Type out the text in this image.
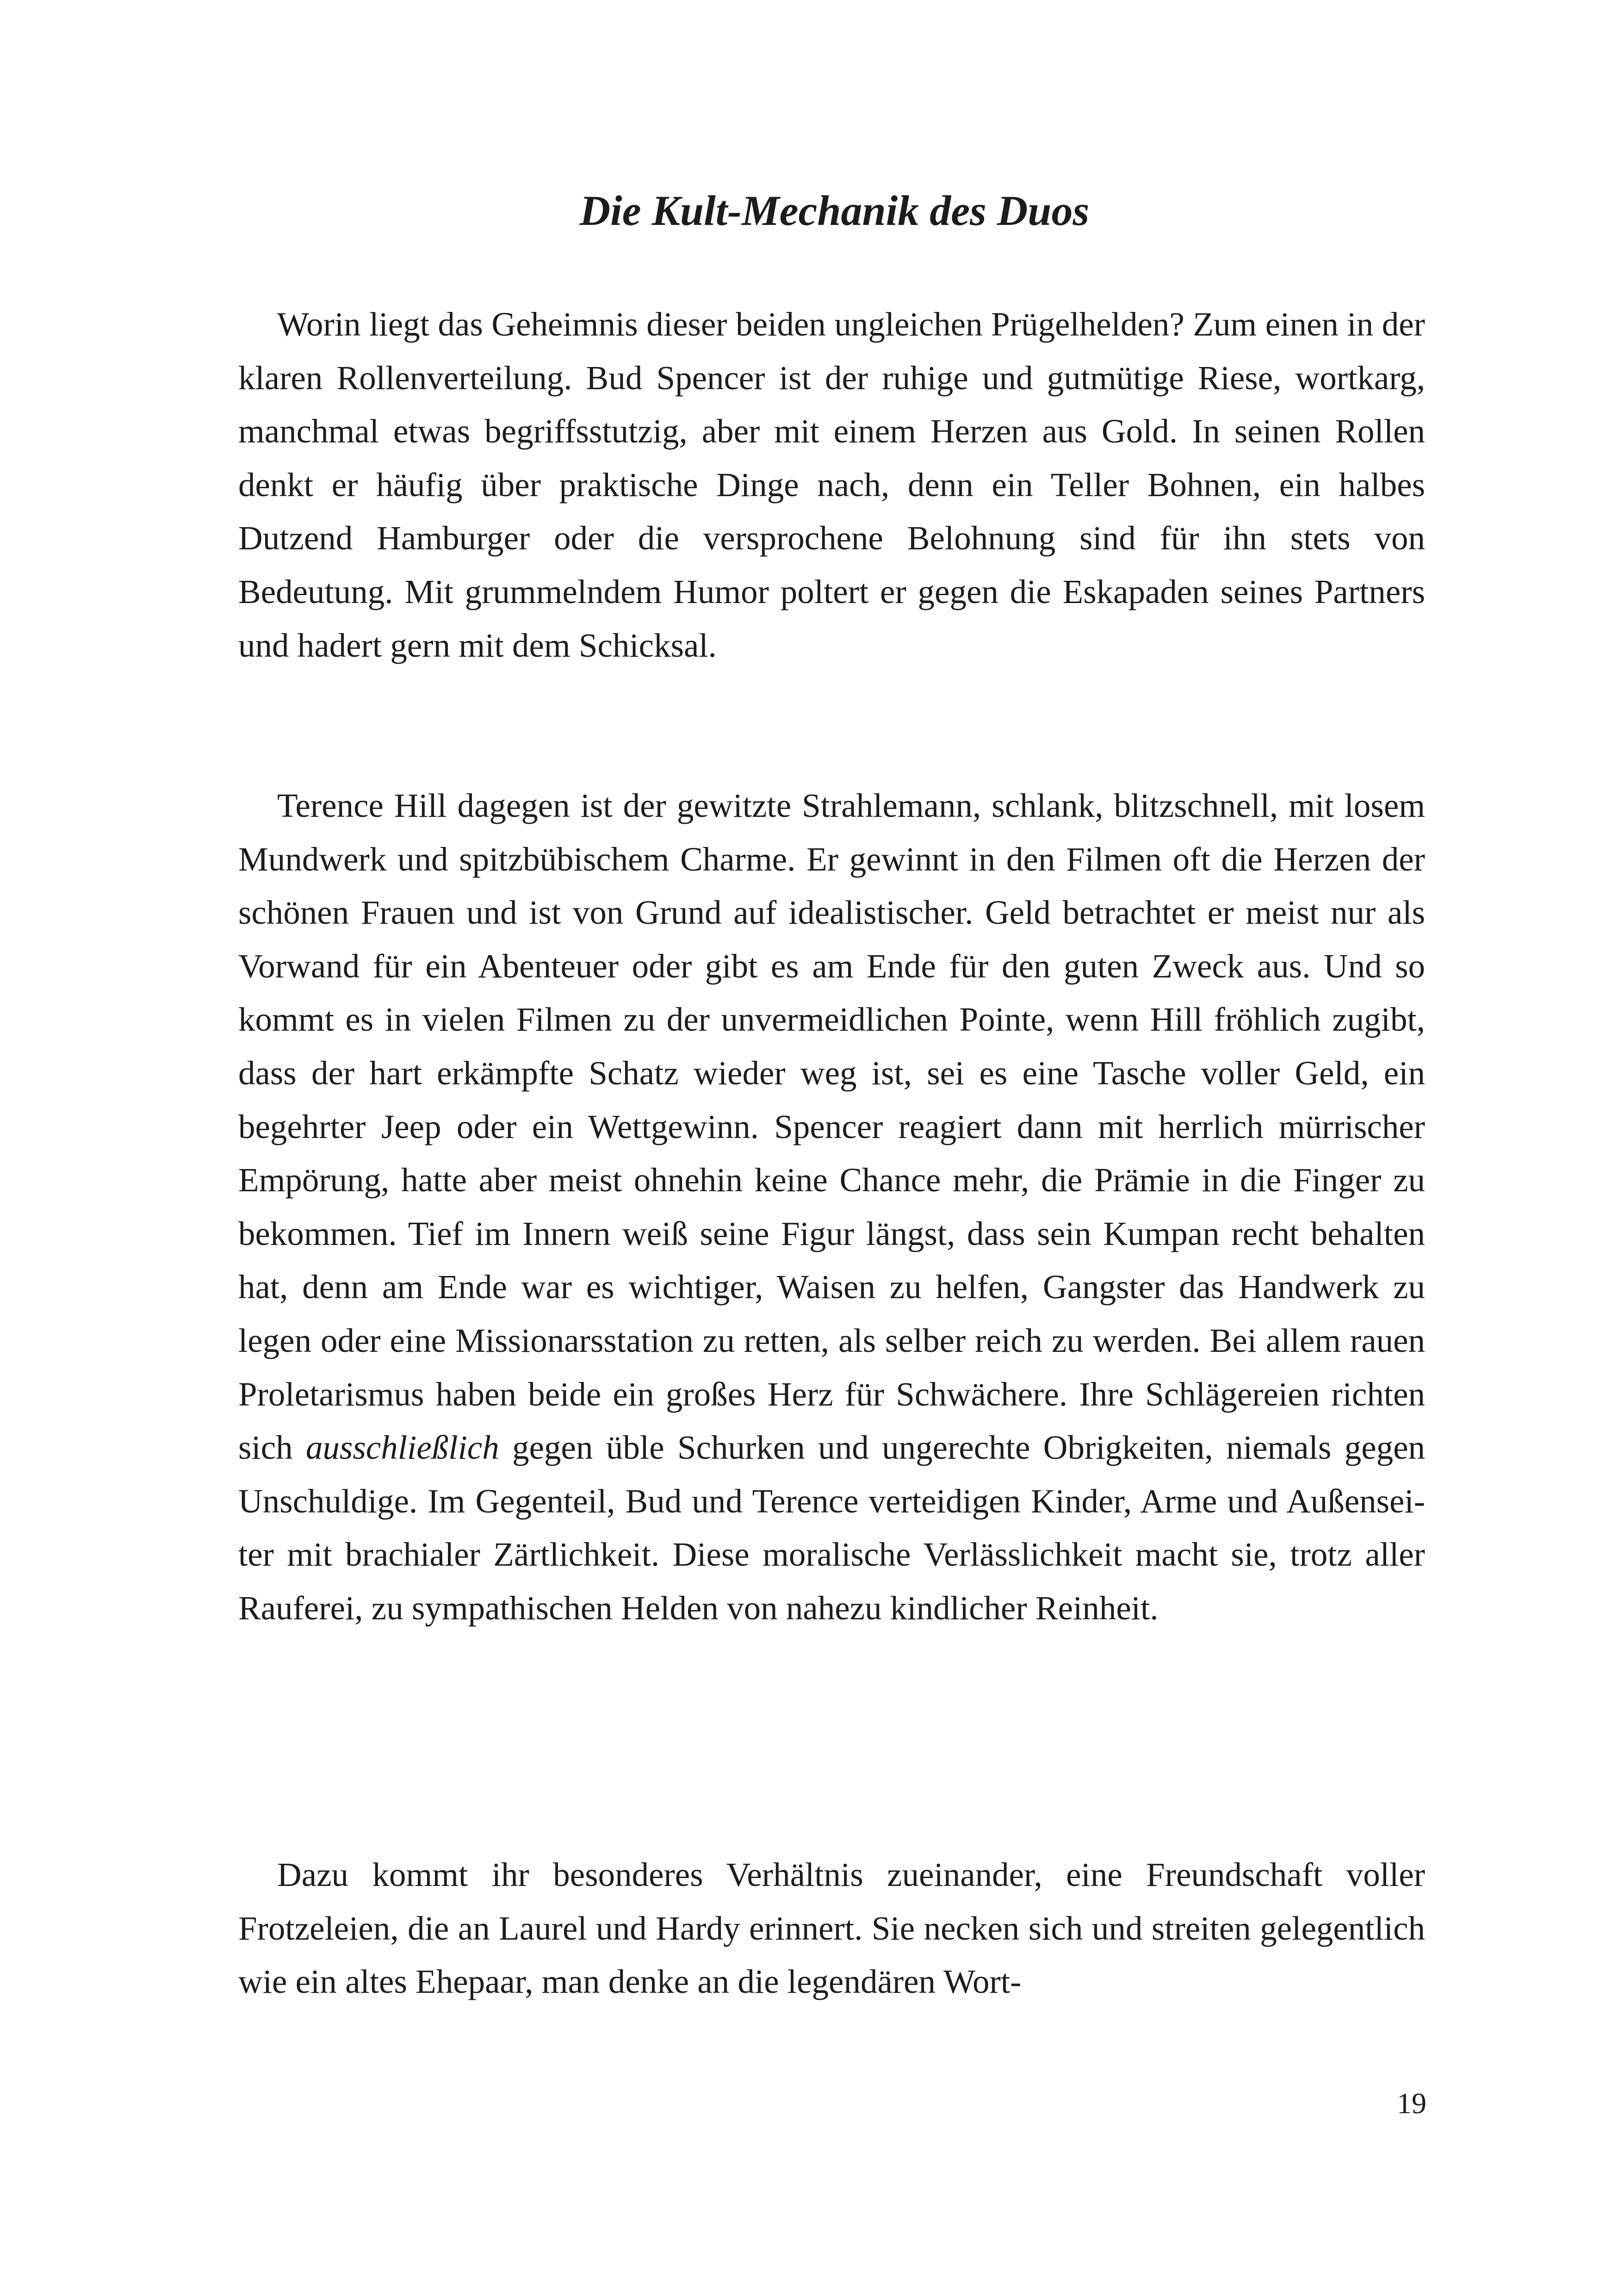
Die Kult-Mechanik des Duos

Worin liegt das Geheimnis dieser beiden ungleichen Prügelhelden? Zum einen in der klaren Rollenverteilung. Bud Spencer ist der ruhige und gutmütige Riese, wortkarg, manchmal etwas begriffsstutzig, aber mit einem Herzen aus Gold. In seinen Rollen denkt er häufig über praktische Dinge nach, denn ein Teller Bohnen, ein halbes Dutzend Hamburger oder die versprochene Belohnung sind für ihn stets von Bedeutung. Mit grummelndem Humor poltert er gegen die Eskapaden seines Partners und hadert gern mit dem Schicksal.

Terence Hill dagegen ist der gewitzte Strahlemann, schlank, blitzschnell, mit losem Mundwerk und spitzbübischem Charme. Er gewinnt in den Filmen oft die Herzen der schönen Frauen und ist von Grund auf idealistischer. Geld betrachtet er meist nur als Vorwand für ein Abenteuer oder gibt es am Ende für den guten Zweck aus. Und so kommt es in vielen Filmen zu der unvermeidlichen Pointe, wenn Hill fröhlich zugibt, dass der hart erkämpfte Schatz wieder weg ist, sei es eine Tasche voller Geld, ein begehrter Jeep oder ein Wettgewinn. Spencer reagiert dann mit herrlich mürrischer Empörung, hatte aber meist ohnehin keine Chance mehr, die Prämie in die Finger zu bekommen. Tief im Innern weiß seine Figur längst, dass sein Kumpan recht behalten hat, denn am Ende war es wichtiger, Waisen zu helfen, Gangster das Handwerk zu legen oder eine Missionarsstation zu retten, als selber reich zu werden. Bei allem rauen Proletarismus haben beide ein großes Herz für Schwächere. Ihre Schlägereien richten sich ausschließlich gegen üble Schurken und ungerechte Obrigkeiten, niemals gegen Unschuldige. Im Gegenteil, Bud und Terence verteidigen Kinder, Arme und Außenseiter mit brachialer Zärtlichkeit. Diese moralische Verlässlichkeit macht sie, trotz aller Rauferei, zu sympathischen Helden von nahezu kindlicher Reinheit.

Dazu kommt ihr besonderes Verhältnis zueinander, eine Freundschaft voller Frotzeleien, die an Laurel und Hardy erinnert. Sie necken sich und streiten gelegentlich wie ein altes Ehepaar, man denke an die legendären Wort-

19
